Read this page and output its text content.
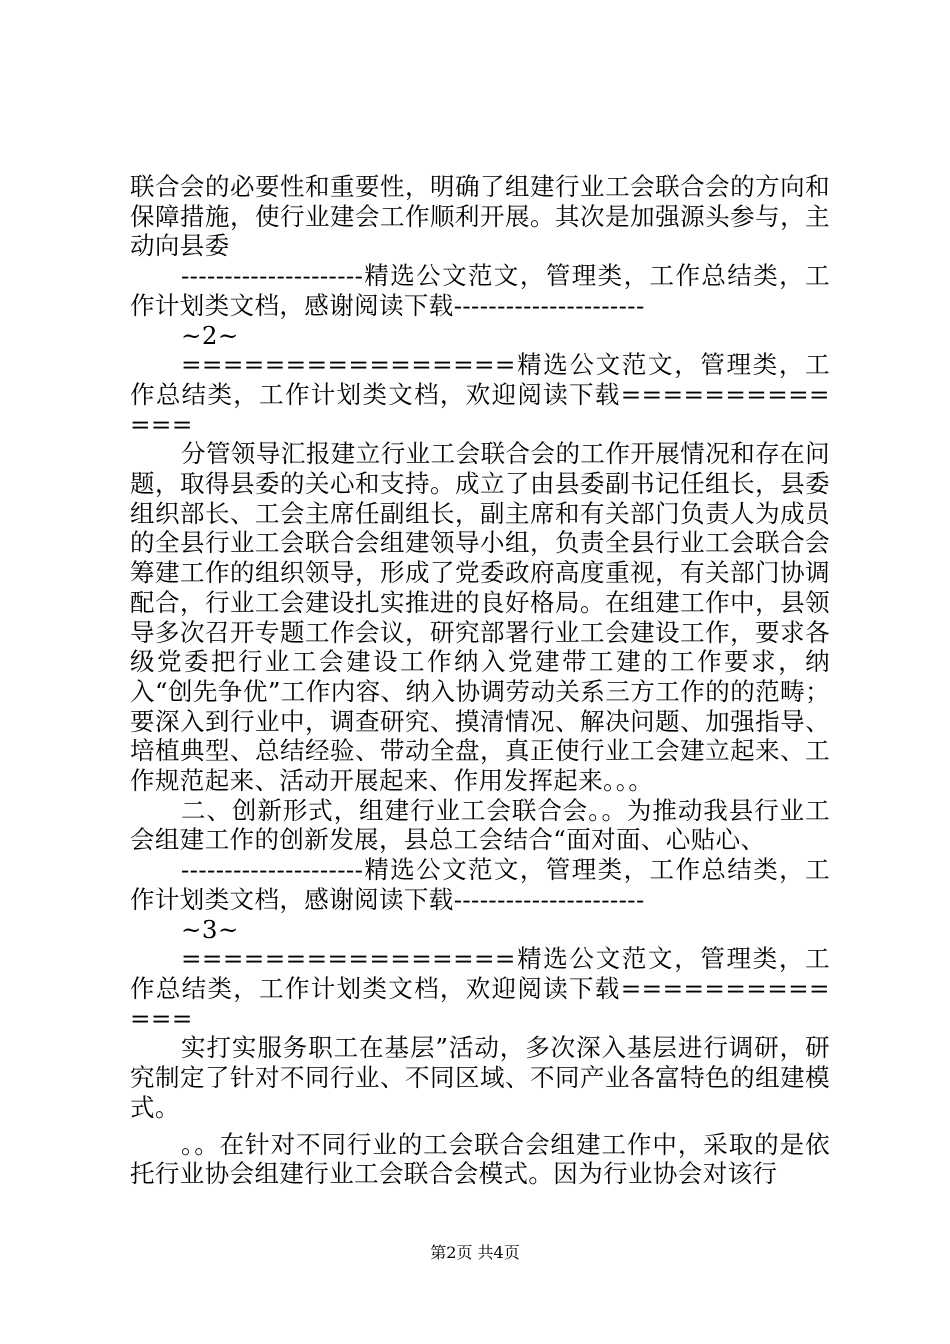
联合会的必要性和重要性，明确了组建行业工会联合会的方向和保障措施，使行业建会工作顺利开展。其次是加强源头参与，主动向县委

---------------------精选公文范文，管理类，工作总结类，工作计划类文档，感谢阅读下载----------------------

~2~

================精选公文范文，管理类，工作总结类，工作计划类文档，欢迎阅读下载=============

分管领导汇报建立行业工会联合会的工作开展情况和存在问题，取得县委的关心和支持。成立了由县委副书记任组长，县委组织部长、工会主席任副组长，副主席和有关部门负责人为成员的全县行业工会联合会组建领导小组，负责全县行业工会联合会筹建工作的组织领导，形成了党委政府高度重视，有关部门协调配合，行业工会建设扎实推进的良好格局。在组建工作中，县领导多次召开专题工作会议，研究部署行业工会建设工作，要求各级党委把行业工会建设工作纳入党建带工建的工作要求，纳入“创先争优”工作内容、纳入协调劳动关系三方工作的的范畴；要深入到行业中，调查研究、摸清情况、解决问题、加强指导、培植典型、总结经验、带动全盘，真正使行业工会建立起来、工作规范起来、活动开展起来、作用发挥起来。。。

二、创新形式，组建行业工会联合会。。为推动我县行业工会组建工作的创新发展，县总工会结合“面对面、心贴心、

---------------------精选公文范文，管理类，工作总结类，工作计划类文档，感谢阅读下载----------------------

~3~

================精选公文范文，管理类，工作总结类，工作计划类文档，欢迎阅读下载=============

实打实服务职工在基层”活动，多次深入基层进行调研，研究制定了针对不同行业、不同区域、不同产业各富特色的组建模式。

。。在针对不同行业的工会联合会组建工作中，采取的是依托行业协会组建行业工会联合会模式。因为行业协会对该行

第2页 共4页
